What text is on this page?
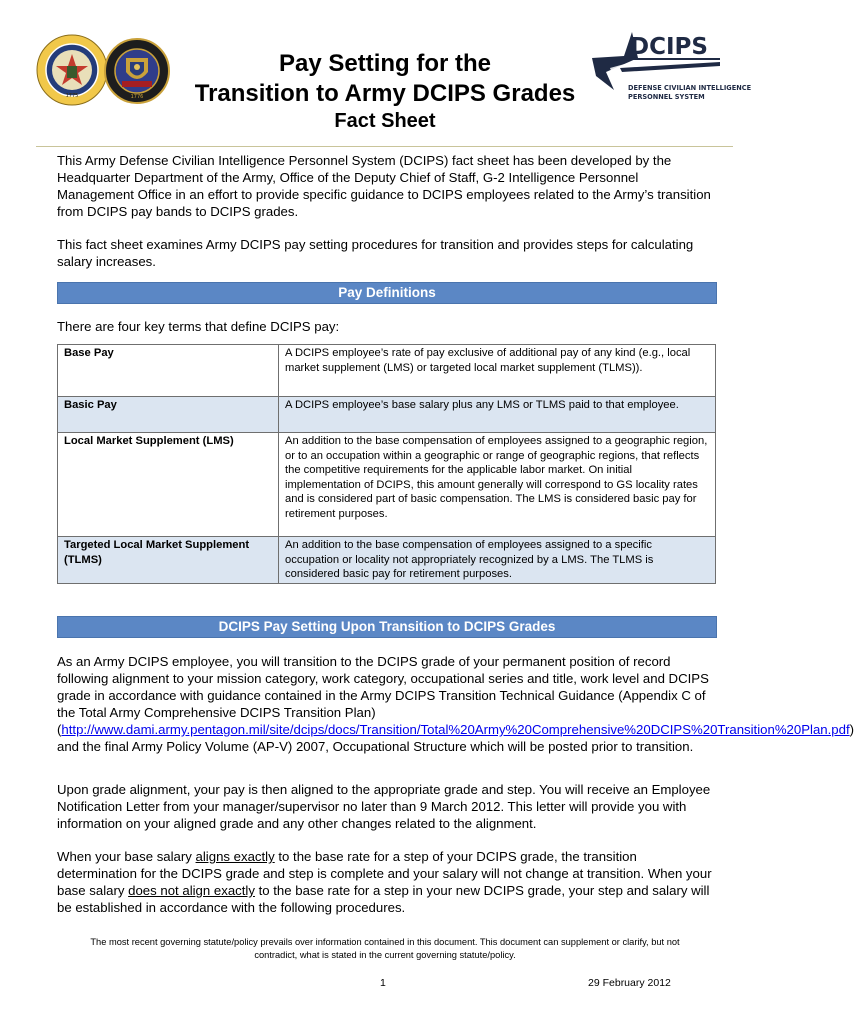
1775	1776
DCIPS
DEFENSE CIVILIAN INTELLIGENCE
PERSONNEL SYSTEM
Pay Setting for the
Transition to Army DCIPS Grades
Fact Sheet
This Army Defense Civilian Intelligence Personnel System (DCIPS) fact sheet has been developed by the Headquarter Department of the Army, Office of the Deputy Chief of Staff, G-2 Intelligence Personnel Management Office in an effort to provide specific guidance to DCIPS employees related to the Army’s transition from DCIPS pay bands to DCIPS grades.
This fact sheet examines Army DCIPS pay setting procedures for transition and provides steps for calculating salary increases.
Pay Definitions
There are four key terms that define DCIPS pay:
Base Pay	A DCIPS employee’s rate of pay exclusive of additional pay of any kind (e.g., local market supplement (LMS) or targeted local market supplement (TLMS)).
Basic Pay	A DCIPS employee’s base salary plus any LMS or TLMS paid to that employee.
Local Market Supplement (LMS)	An addition to the base compensation of employees assigned to a geographic region, or to an occupation within a geographic or range of geographic regions, that reflects the competitive requirements for the applicable labor market. On initial implementation of DCIPS, this amount generally will correspond to GS locality rates and is considered part of basic compensation. The LMS is considered basic pay for retirement purposes.
Targeted Local Market Supplement (TLMS)	An addition to the base compensation of employees assigned to a specific occupation or locality not appropriately recognized by a LMS. The TLMS is considered basic pay for retirement purposes.
DCIPS Pay Setting Upon Transition to DCIPS Grades
As an Army DCIPS employee, you will transition to the DCIPS grade of your permanent position of record following alignment to your mission category, work category, occupational series and title, work level and DCIPS grade in accordance with guidance contained in the Army DCIPS Transition Technical Guidance (Appendix C of the Total Army Comprehensive DCIPS Transition Plan) (http://www.dami.army.pentagon.mil/site/dcips/docs/Transition/Total%20Army%20Comprehensive%20DCIPS%20Transition%20Plan.pdf) and the final Army Policy Volume (AP-V) 2007, Occupational Structure which will be posted prior to transition.
Upon grade alignment, your pay is then aligned to the appropriate grade and step. You will receive an Employee Notification Letter from your manager/supervisor no later than 9 March 2012. This letter will provide you with information on your aligned grade and any other changes related to the alignment.
When your base salary aligns exactly to the base rate for a step of your DCIPS grade, the transition determination for the DCIPS grade and step is complete and your salary will not change at transition. When your base salary does not align exactly to the base rate for a step in your new DCIPS grade, your step and salary will be established in accordance with the following procedures.
The most recent governing statute/policy prevails over information contained in this document. This document can supplement or clarify, but not
contradict, what is stated in the current governing statute/policy.
1	29 February 2012
